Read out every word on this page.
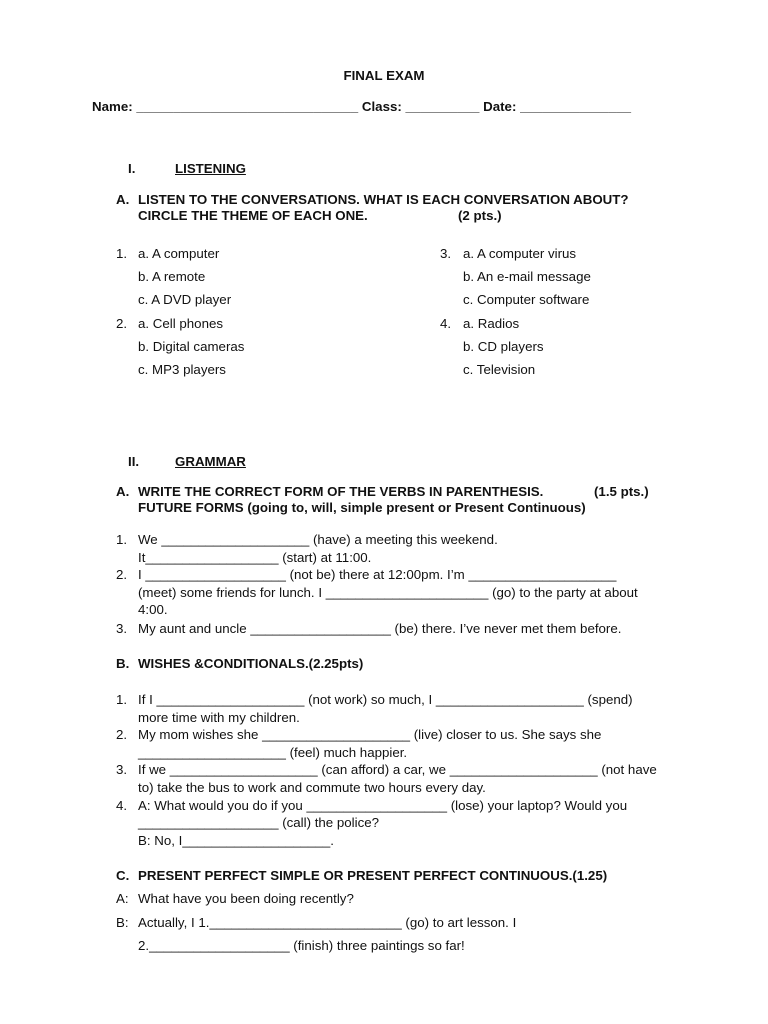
FINAL EXAM
Name: ______________________________ Class: __________ Date: _______________
I.	LISTENING
A. LISTEN TO THE CONVERSATIONS. WHAT IS EACH CONVERSATION ABOUT?
CIRCLE THE THEME OF EACH ONE.	(2 pts.)
1. a. A computer
b. A remote
c. A DVD player
2. a. Cell phones
b. Digital cameras
c. MP3 players
3. a. A computer virus
b. An e-mail message
c. Computer software
4. a. Radios
b. CD players
c. Television
II.	GRAMMAR
A. WRITE THE CORRECT FORM OF THE VERBS IN PARENTHESIS.	(1.5 pts.)
FUTURE FORMS (going to, will, simple present or Present Continuous)
1. We ____________________ (have) a meeting this weekend.
It__________________ (start) at 11:00.
2. I ___________________ (not be) there at 12:00pm. I’m ____________________
(meet) some friends for lunch. I ______________________ (go) to the party at about
4:00.
3. My aunt and uncle ___________________ (be) there. I’ve never met them before.
B. WISHES &CONDITIONALS.(2.25pts)
1. If I ____________________ (not work) so much, I ____________________ (spend)
more time with my children.
2. My mom wishes she ____________________ (live) closer to us. She says she
____________________ (feel) much happier.
3. If we ____________________ (can afford) a car, we ____________________ (not have
to) take the bus to work and commute two hours every day.
4. A: What would you do if you ___________________ (lose) your laptop? Would you
___________________ (call) the police?
B: No, I____________________.
C. PRESENT PERFECT SIMPLE OR PRESENT PERFECT CONTINUOUS.(1.25)
A: What have you been doing recently?
B: Actually, I 1.__________________________ (go) to art lesson. I
2.___________________ (finish) three paintings so far!
